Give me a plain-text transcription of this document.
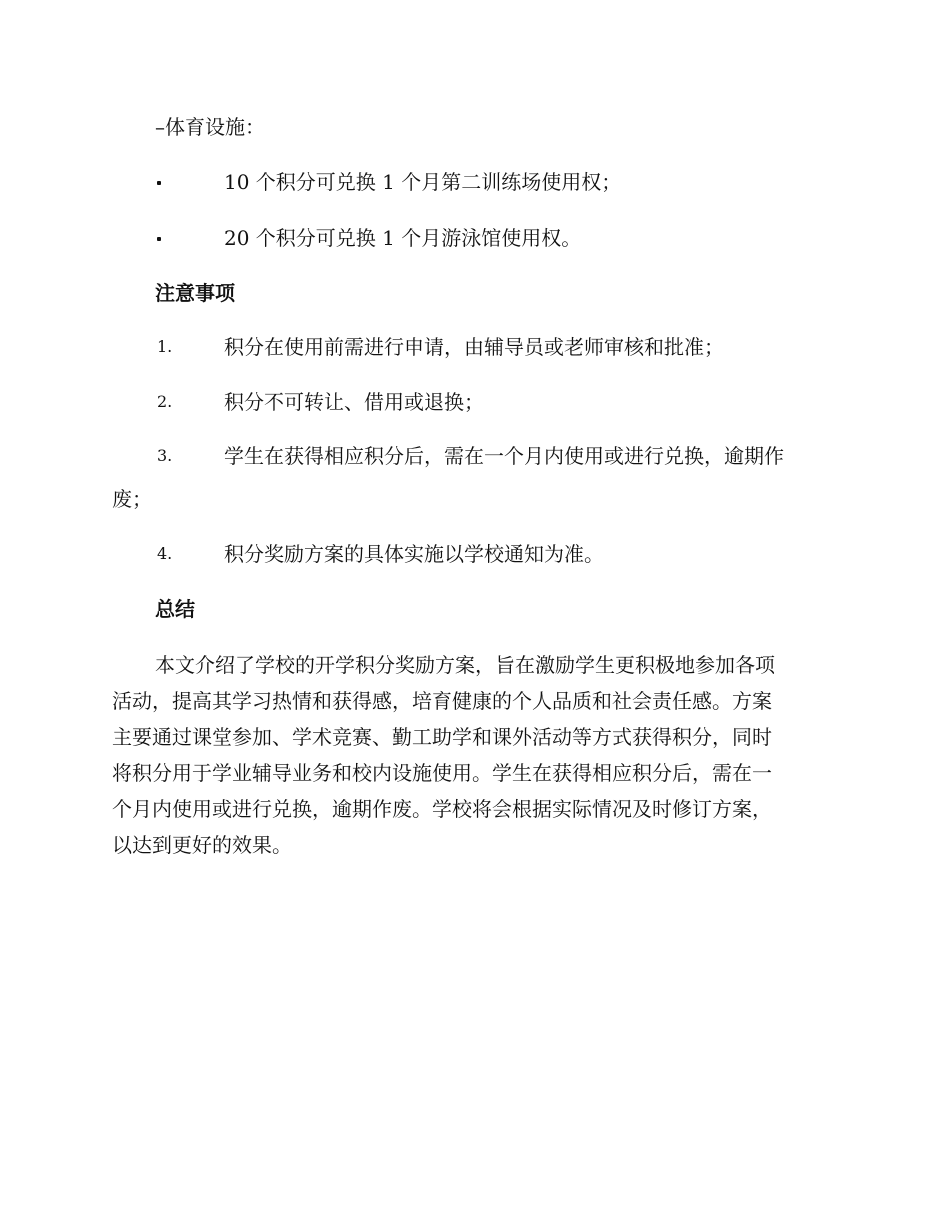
–体育设施：
10 个积分可兑换 1 个月第二训练场使用权；
20 个积分可兑换 1 个月游泳馆使用权。
注意事项
1.	积分在使用前需进行申请，由辅导员或老师审核和批准；
2.	积分不可转让、借用或退换；
3.	学生在获得相应积分后，需在一个月内使用或进行兑换，逾期作
废；
4.	积分奖励方案的具体实施以学校通知为准。
总结
本文介绍了学校的开学积分奖励方案，旨在激励学生更积极地参加各项
活动，提高其学习热情和获得感，培育健康的个人品质和社会责任感。方案
主要通过课堂参加、学术竞赛、勤工助学和课外活动等方式获得积分，同时
将积分用于学业辅导业务和校内设施使用。学生在获得相应积分后，需在一
个月内使用或进行兑换，逾期作废。学校将会根据实际情况及时修订方案，
以达到更好的效果。
